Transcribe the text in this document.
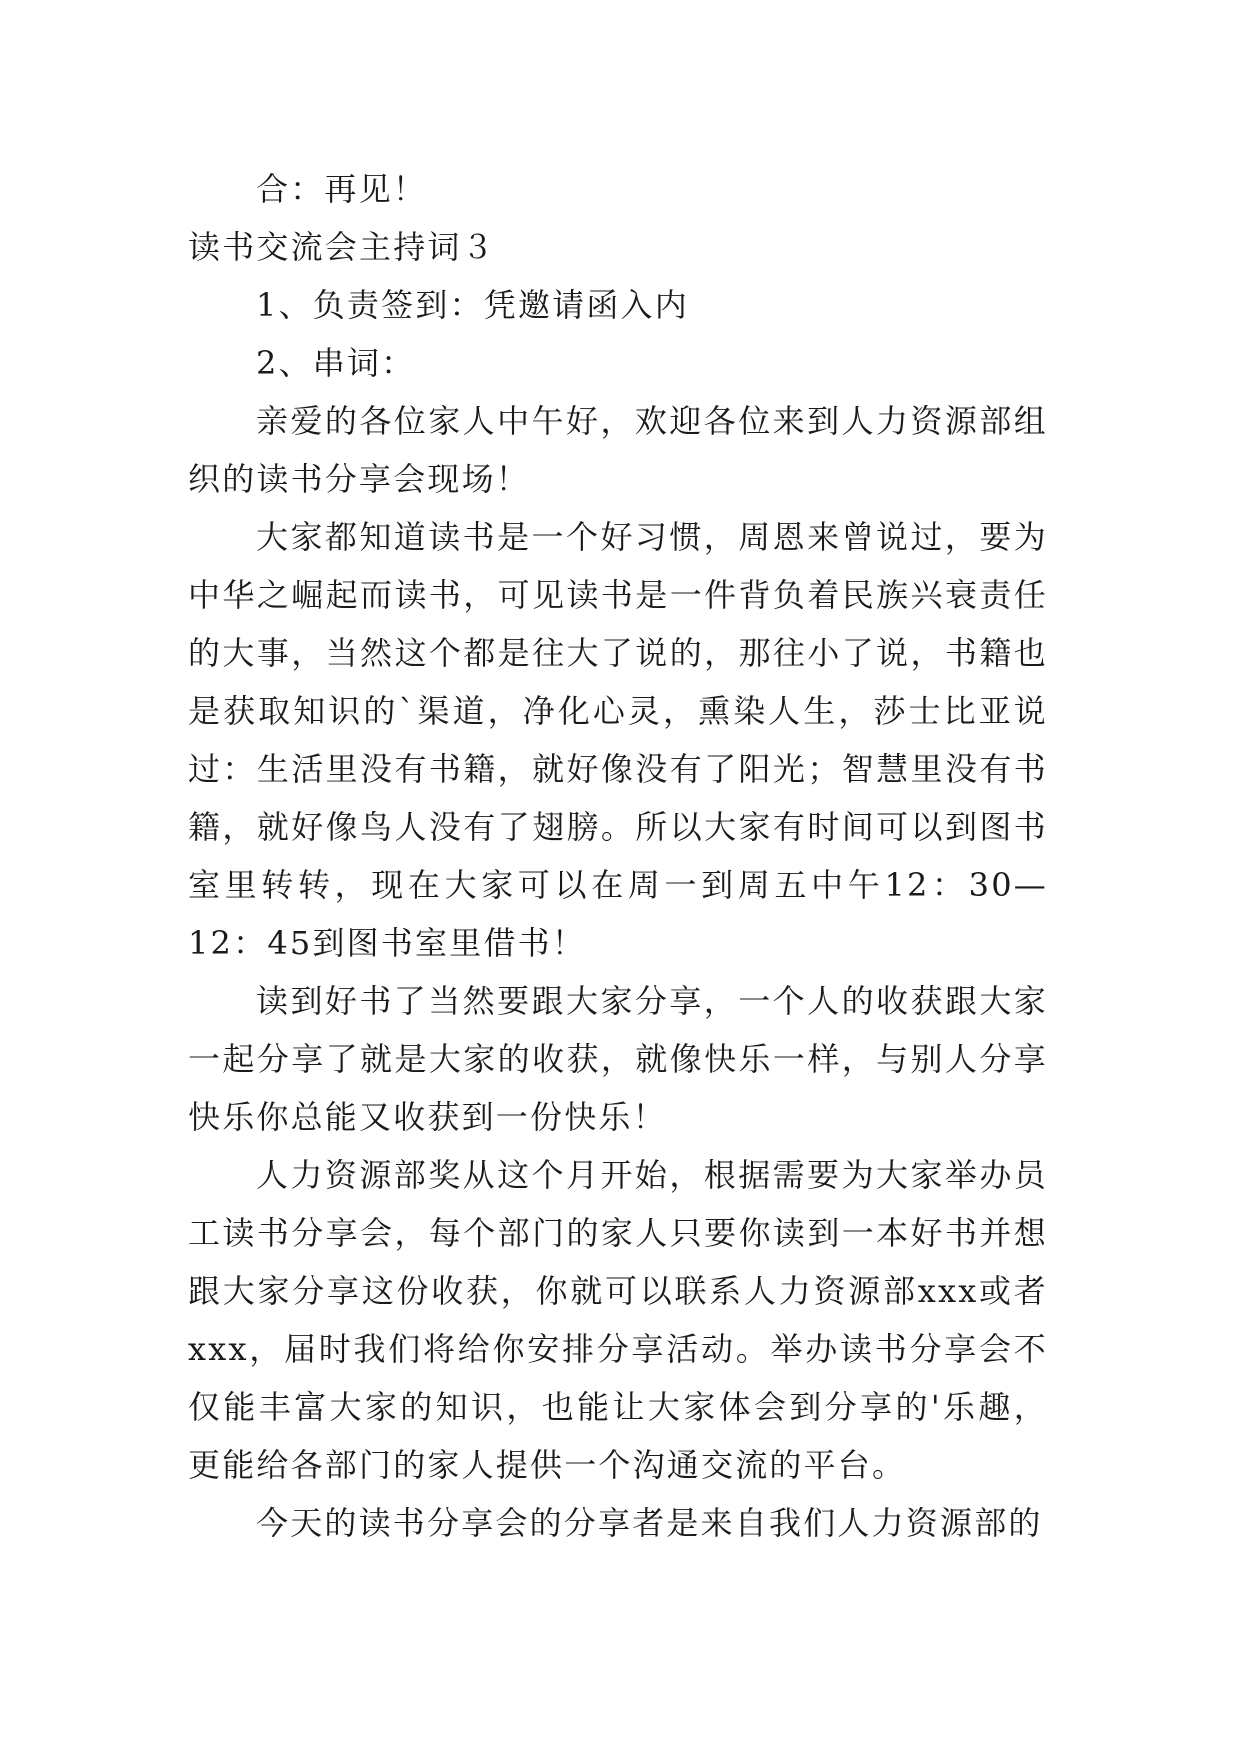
合：再见！

读书交流会主持词３

1、负责签到：凭邀请函入内

2、串词：

亲爱的各位家人中午好，欢迎各位来到人力资源部组织的读书分享会现场！

大家都知道读书是一个好习惯，周恩来曾说过，要为中华之崛起而读书，可见读书是一件背负着民族兴衰责任的大事，当然这个都是往大了说的，那往小了说，书籍也是获取知识的`渠道，净化心灵，熏染人生，莎士比亚说过：生活里没有书籍，就好像没有了阳光；智慧里没有书籍，就好像鸟人没有了翅膀。所以大家有时间可以到图书室里转转，现在大家可以在周一到周五中午12：30—12：45到图书室里借书！

读到好书了当然要跟大家分享，一个人的收获跟大家一起分享了就是大家的收获，就像快乐一样，与别人分享快乐你总能又收获到一份快乐！

人力资源部奖从这个月开始，根据需要为大家举办员工读书分享会，每个部门的家人只要你读到一本好书并想跟大家分享这份收获，你就可以联系人力资源部xxx或者xxx，届时我们将给你安排分享活动。举办读书分享会不仅能丰富大家的知识，也能让大家体会到分享的'乐趣，更能给各部门的家人提供一个沟通交流的平台。

今天的读书分享会的分享者是来自我们人力资源部的
